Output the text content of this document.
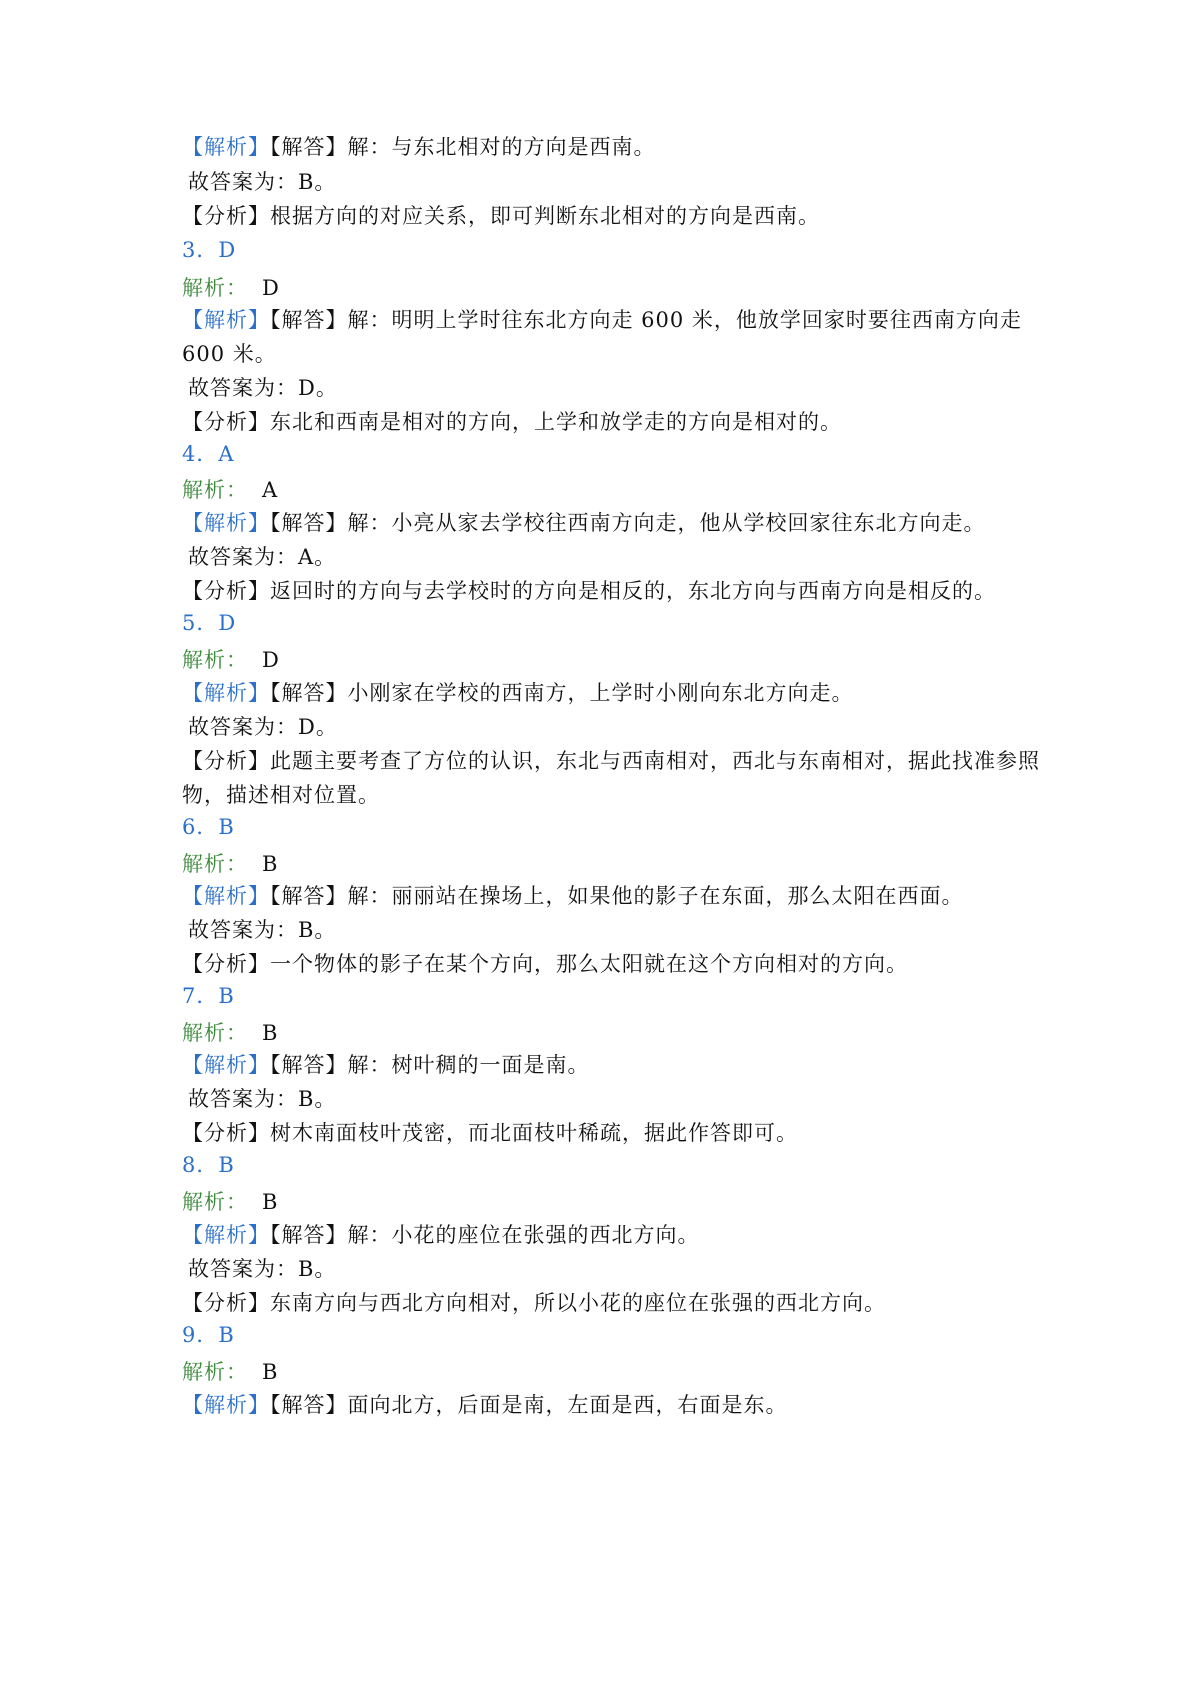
【解析】【解答】解：与东北相对的方向是西南。
故答案为：B。
【分析】根据方向的对应关系，即可判断东北相对的方向是西南。
3．D
解析： D
【解析】【解答】解：明明上学时往东北方向走 600 米，他放学回家时要往西南方向走
600 米。
故答案为：D。
【分析】东北和西南是相对的方向，上学和放学走的方向是相对的。
4．A
解析： A
【解析】【解答】解：小亮从家去学校往西南方向走，他从学校回家往东北方向走。
故答案为：A。
【分析】返回时的方向与去学校时的方向是相反的，东北方向与西南方向是相反的。
5．D
解析： D
【解析】【解答】小刚家在学校的西南方，上学时小刚向东北方向走。
故答案为：D。
【分析】此题主要考查了方位的认识，东北与西南相对，西北与东南相对，据此找准参照
物，描述相对位置。
6．B
解析： B
【解析】【解答】解：丽丽站在操场上，如果他的影子在东面，那么太阳在西面。
故答案为：B。
【分析】一个物体的影子在某个方向，那么太阳就在这个方向相对的方向。
7．B
解析： B
【解析】【解答】解：树叶稠的一面是南。
故答案为：B。
【分析】树木南面枝叶茂密，而北面枝叶稀疏，据此作答即可。
8．B
解析： B
【解析】【解答】解：小花的座位在张强的西北方向。
故答案为：B。
【分析】东南方向与西北方向相对，所以小花的座位在张强的西北方向。
9．B
解析： B
【解析】【解答】面向北方，后面是南，左面是西，右面是东。
